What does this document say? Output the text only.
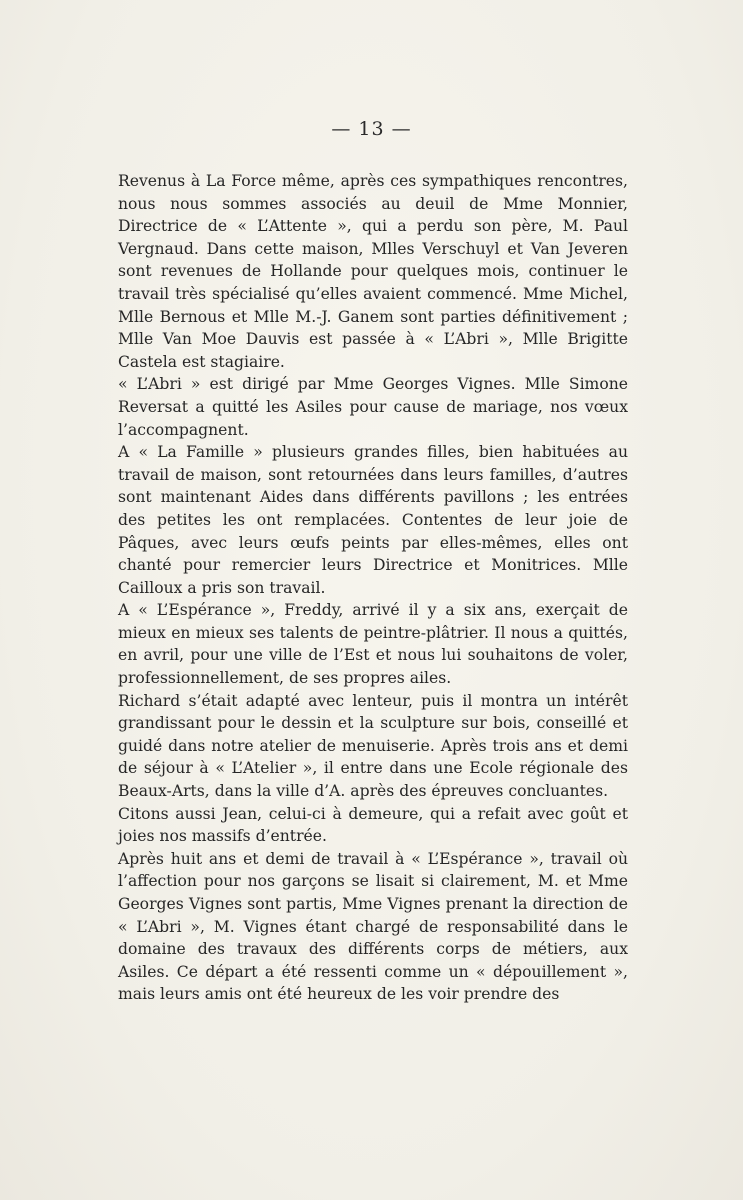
— 13 —

Revenus à La Force même, après ces sympathiques rencontres, nous nous sommes associés au deuil de Mme Monnier, Directrice de « L’Attente », qui a perdu son père, M. Paul Vergnaud. Dans cette maison, Mlles Verschuyl et Van Jeveren sont revenues de Hollande pour quelques mois, continuer le travail très spécialisé qu’elles avaient commencé. Mme Michel, Mlle Bernous et Mlle M.-J. Ganem sont parties définitivement ; Mlle Van Moe Dauvis est passée à « L’Abri », Mlle Brigitte Castela est stagiaire.

« L’Abri » est dirigé par Mme Georges Vignes. Mlle Simone Reversat a quitté les Asiles pour cause de mariage, nos vœux l’accompagnent.

A « La Famille » plusieurs grandes filles, bien habituées au travail de maison, sont retournées dans leurs familles, d’autres sont maintenant Aides dans différents pavillons ; les entrées des petites les ont remplacées. Contentes de leur joie de Pâques, avec leurs œufs peints par elles-mêmes, elles ont chanté pour remercier leurs Directrice et Monitrices. Mlle Cailloux a pris son travail.

A « L’Espérance », Freddy, arrivé il y a six ans, exerçait de mieux en mieux ses talents de peintre-plâtrier. Il nous a quittés, en avril, pour une ville de l’Est et nous lui souhaitons de voler, professionnellement, de ses propres ailes.

Richard s’était adapté avec lenteur, puis il montra un intérêt grandissant pour le dessin et la sculpture sur bois, conseillé et guidé dans notre atelier de menuiserie. Après trois ans et demi de séjour à « L’Atelier », il entre dans une Ecole régionale des Beaux-Arts, dans la ville d’A. après des épreuves concluantes.

Citons aussi Jean, celui-ci à demeure, qui a refait avec goût et joies nos massifs d’entrée.

Après huit ans et demi de travail à « L’Espérance », travail où l’affection pour nos garçons se lisait si clairement, M. et Mme Georges Vignes sont partis, Mme Vignes prenant la direction de « L’Abri », M. Vignes étant chargé de responsabilité dans le domaine des travaux des différents corps de métiers, aux Asiles. Ce départ a été ressenti comme un « dépouillement », mais leurs amis ont été heureux de les voir prendre des
